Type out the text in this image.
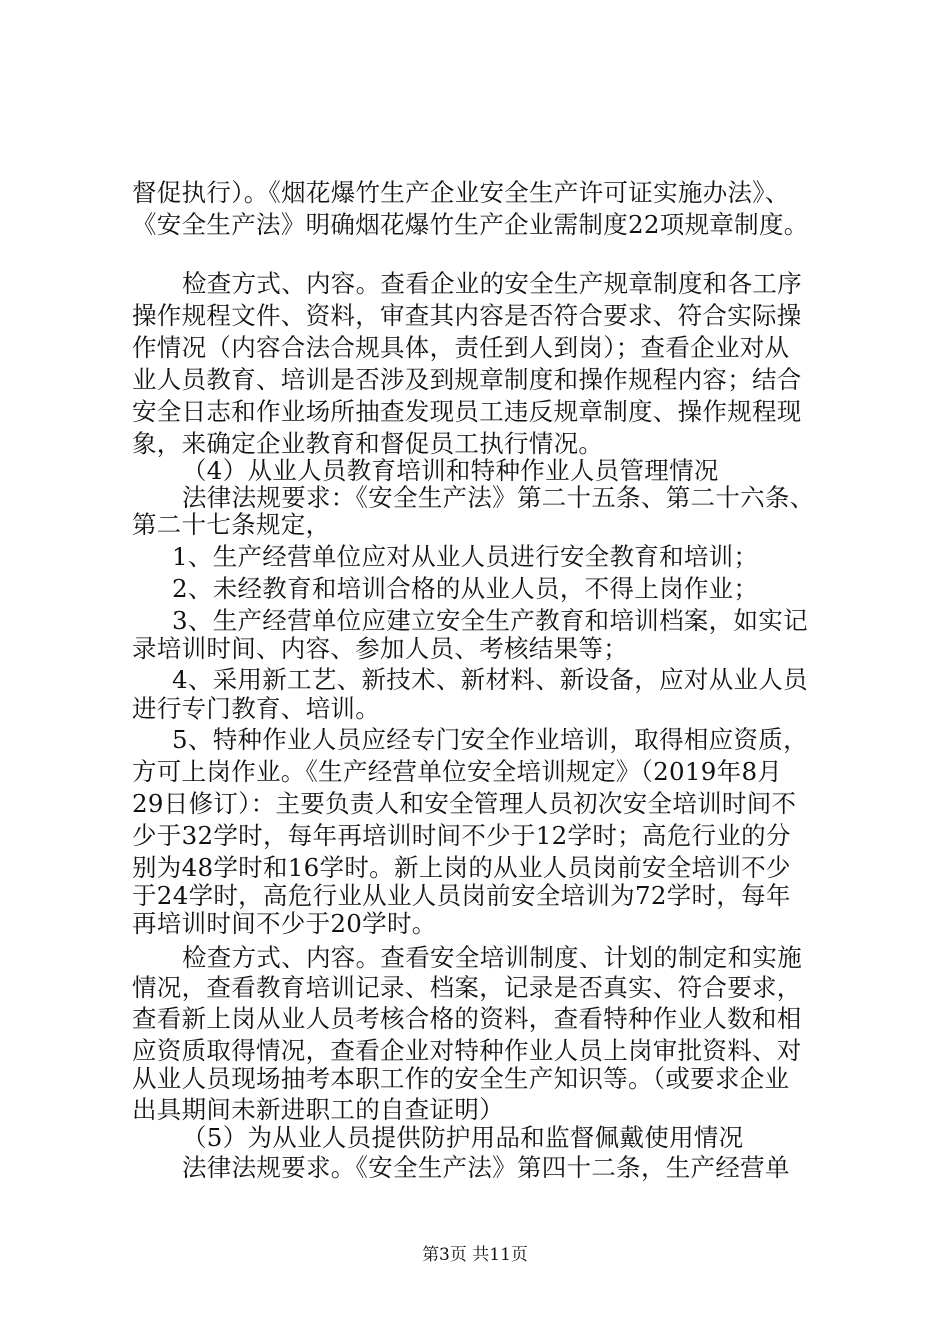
督促执行）。《烟花爆竹生产企业安全生产许可证实施办法》、
《安全生产法》明确烟花爆竹生产企业需制度22项规章制度。
检查方式、内容。查看企业的安全生产规章制度和各工序
操作规程文件、资料，审查其内容是否符合要求、符合实际操
作情况（内容合法合规具体，责任到人到岗）；查看企业对从
业人员教育、培训是否涉及到规章制度和操作规程内容；结合
安全日志和作业场所抽查发现员工违反规章制度、操作规程现
象，来确定企业教育和督促员工执行情况。
（4）从业人员教育培训和特种作业人员管理情况
法律法规要求：《安全生产法》第二十五条、第二十六条、
第二十七条规定，
1、生产经营单位应对从业人员进行安全教育和培训；
2、未经教育和培训合格的从业人员，不得上岗作业；
3、生产经营单位应建立安全生产教育和培训档案，如实记
录培训时间、内容、参加人员、考核结果等；
4、采用新工艺、新技术、新材料、新设备，应对从业人员
进行专门教育、培训。
5、特种作业人员应经专门安全作业培训，取得相应资质，
方可上岗作业。《生产经营单位安全培训规定》（2019年8月
29日修订）：主要负责人和安全管理人员初次安全培训时间不
少于32学时，每年再培训时间不少于12学时；高危行业的分
别为48学时和16学时。新上岗的从业人员岗前安全培训不少
于24学时，高危行业从业人员岗前安全培训为72学时，每年
再培训时间不少于20学时。
检查方式、内容。查看安全培训制度、计划的制定和实施
情况，查看教育培训记录、档案，记录是否真实、符合要求，
查看新上岗从业人员考核合格的资料，查看特种作业人数和相
应资质取得情况，查看企业对特种作业人员上岗审批资料、对
从业人员现场抽考本职工作的安全生产知识等。（或要求企业
出具期间未新进职工的自查证明）
（5）为从业人员提供防护用品和监督佩戴使用情况
法律法规要求。《安全生产法》第四十二条，生产经营单
第3页 共11页
